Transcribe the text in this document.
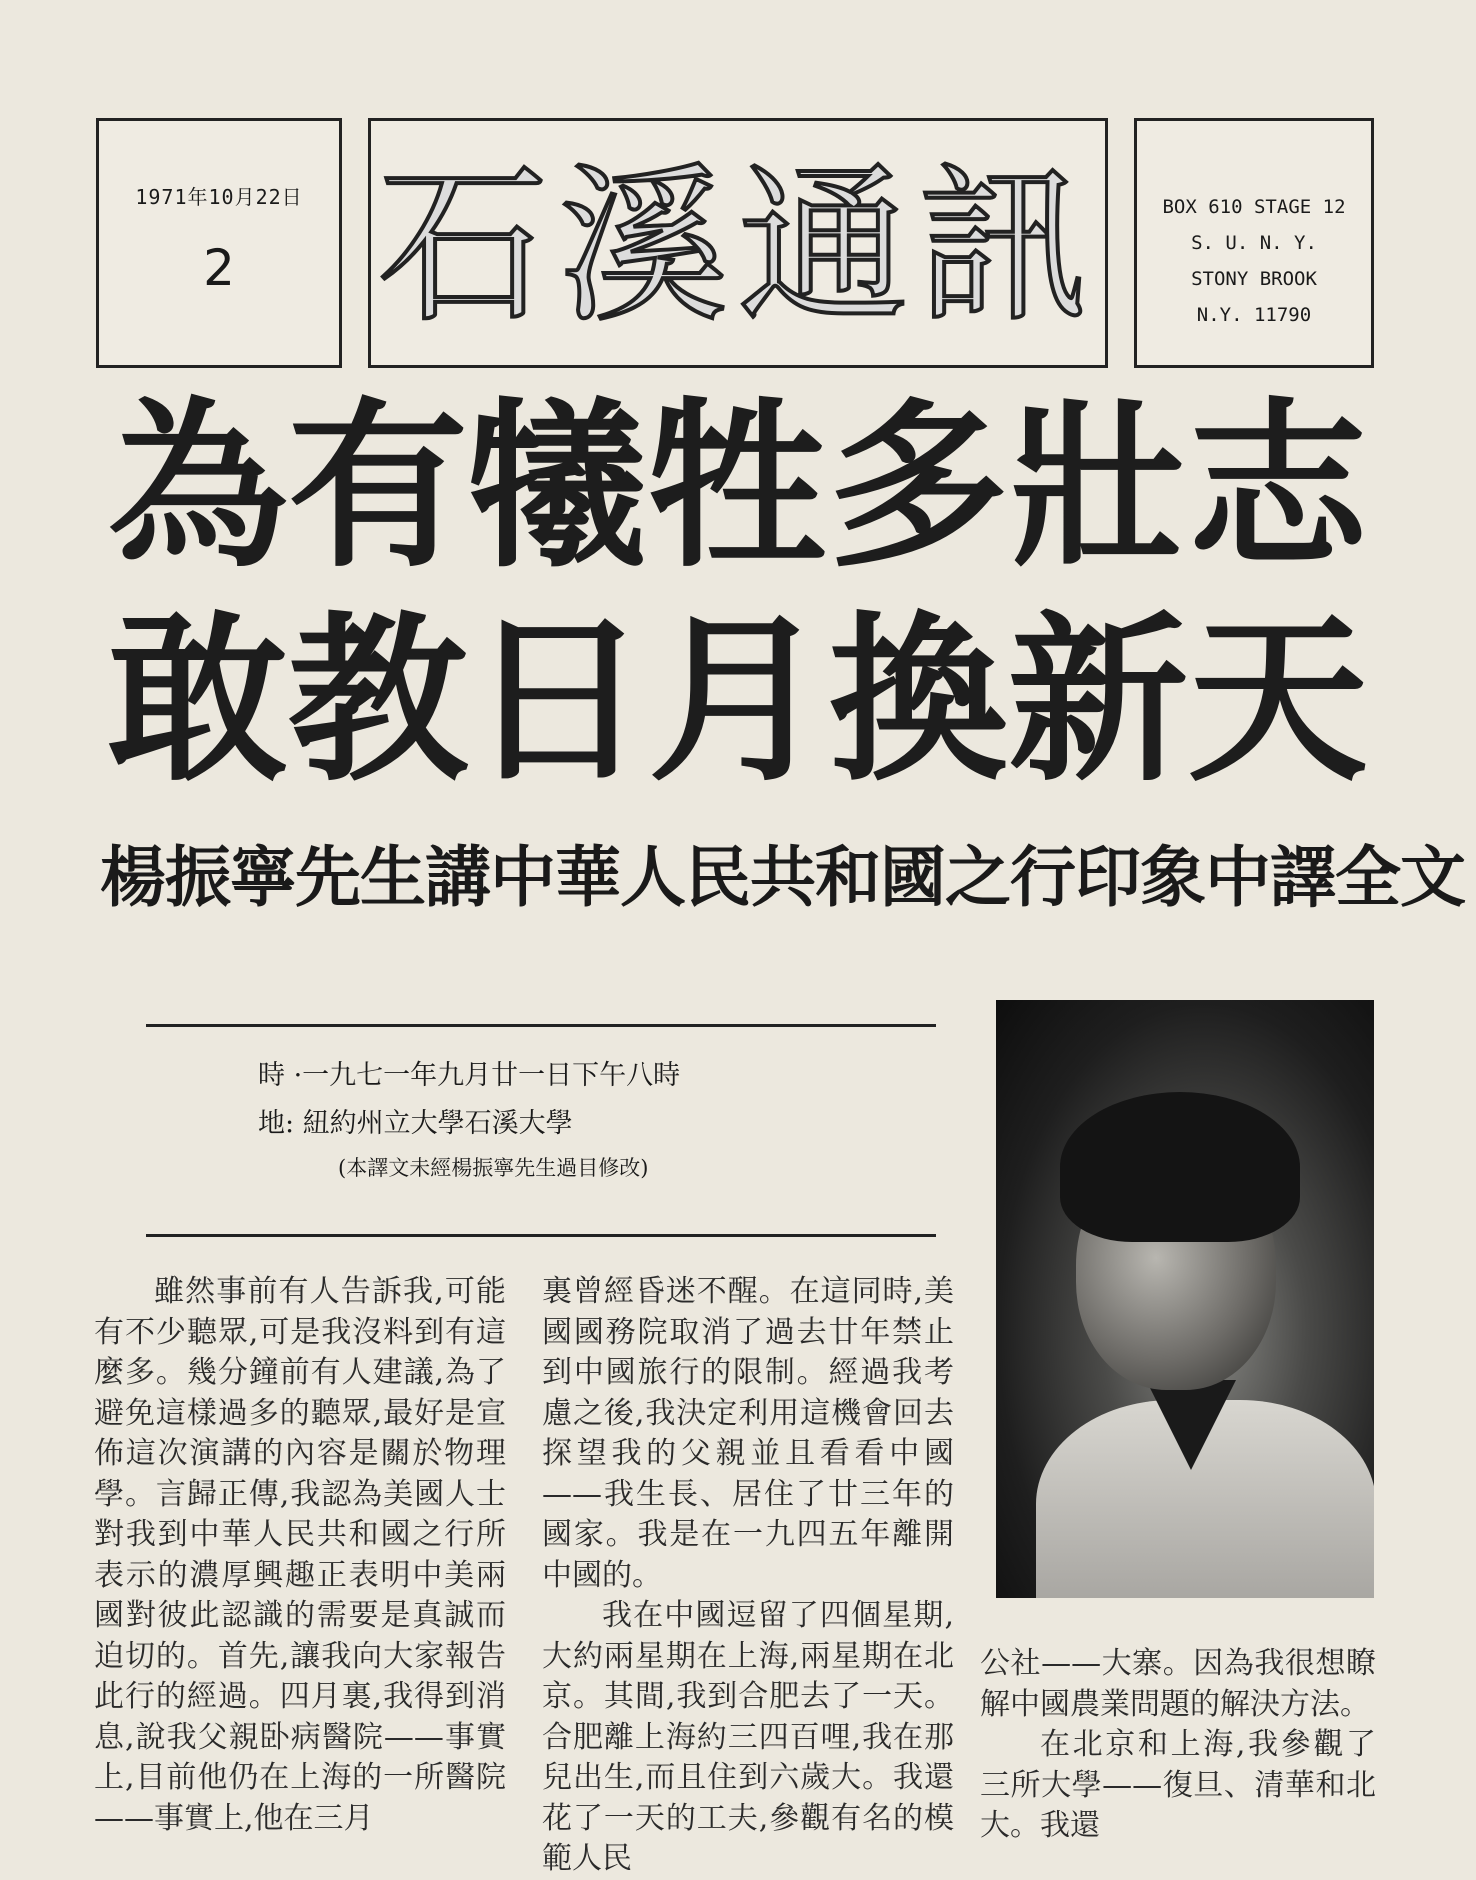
1971年10月22日
2 石溪通訊	BOX 610 STAGE 12
S. U. N. Y.
STONY BROOK
N.Y. 11790
為有犧牲多壯志
敢教日月換新天
楊振寧先生講中華人民共和國之行印象中譯全文
時 ·一九七一年九月廿一日下午八時
地: 紐約州立大學石溪大學
(本譯文未經楊振寧先生過目修改)

雖然事前有人告訴我,可能有不少聽眾,可是我沒料到有這麼多。幾分鐘前有人建議,為了避免這樣過多的聽眾,最好是宣佈這次演講的內容是關於物理學。言歸正傳,我認為美國人士對我到中華人民共和國之行所表示的濃厚興趣正表明中美兩國對彼此認識的需要是真誠而迫切的。首先,讓我向大家報告此行的經過。四月裏,我得到消息,說我父親卧病醫院——事實上,目前他仍在上海的一所醫院——事實上,他在三月

裏曾經昏迷不醒。在這同時,美國國務院取消了過去廿年禁止到中國旅行的限制。經過我考慮之後,我決定利用這機會回去探望我的父親並且看看中國——我生長、居住了廿三年的國家。我是在一九四五年離開中國的。

我在中國逗留了四個星期,大約兩星期在上海,兩星期在北京。其間,我到合肥去了一天。合肥離上海約三四百哩,我在那兒出生,而且住到六歲大。我還花了一天的工夫,參觀有名的模範人民

公社——大寨。因為我很想瞭解中國農業問題的解決方法。

在北京和上海,我參觀了三所大學——復旦、清華和北大。我還
